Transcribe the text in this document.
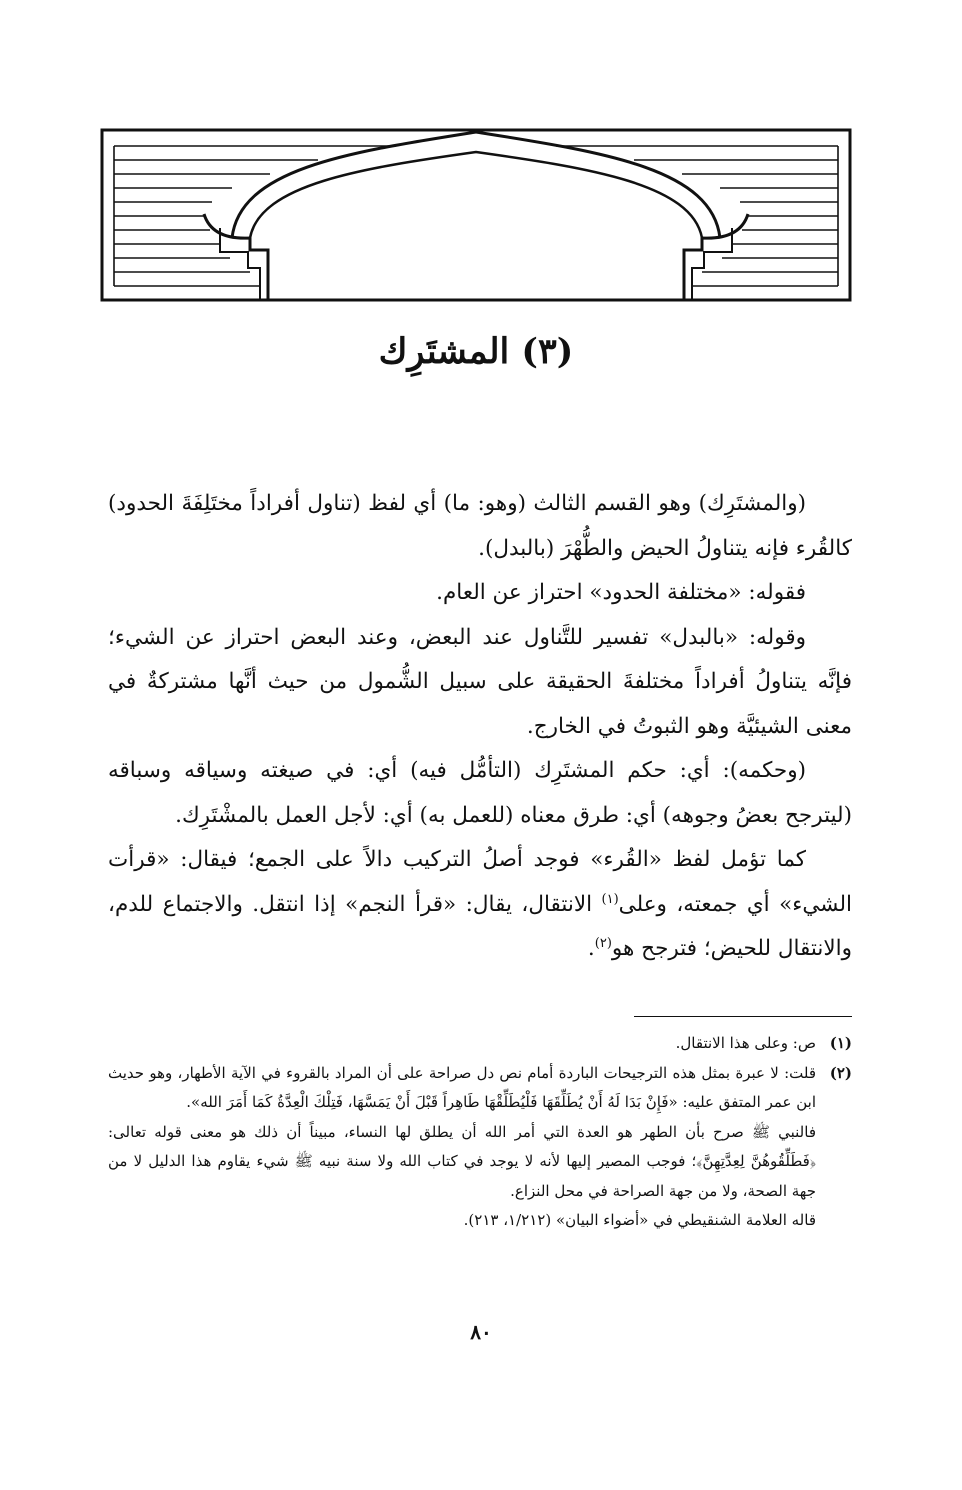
(٣) المشتَرِك

(والمشتَرِك) وهو القسم الثالث (وهو: ما) أي لفظ (تناول أفراداً مختَلِفَةَ الحدود) كالقُرء فإنه يتناولُ الحيض والطُّهْرَ (بالبدل).

فقوله: «مختلفة الحدود» احتراز عن العام.

وقوله: «بالبدل» تفسير للتَّناول عند البعض، وعند البعض احتراز عن الشيء؛ فإنَّه يتناولُ أفراداً مختلفةَ الحقيقة على سبيل الشُّمول من حيث أنَّها مشتركةٌ في معنى الشيئيَّة وهو الثبوتُ في الخارج.

(وحكمه): أي: حكم المشتَرِك (التأمُّل فيه) أي: في صيغته وسياقه وسباقه (ليترجح بعضُ وجوهه) أي: طرق معناه (للعمل به) أي: لأجل العمل بالمشْتَرِك.

كما تؤمل لفظ «القُرء» فوجد أصلُ التركيب دالاً على الجمع؛ فيقال: «قرأت الشيء» أي جمعته، وعلى$^{(١)}$ الانتقال، يقال: «قرأ النجم» إذا انتقل. والاجتماع للدم، والانتقال للحيض؛ فترجح هو$^{(٢)}$.

(١)

ص: وعلى هذا الانتقال.

(٢)

قلت: لا عبرة بمثل هذه الترجيحات الباردة أمام نص دل صراحة على أن المراد بالقروء في الآية الأطهار، وهو حديث ابن عمر المتفق عليه: «فَإِنْ بَدَا لَهُ أَنْ يُطَلِّقَهَا فَلْيُطَلِّقْهَا طَاهِراً قَبْلَ أَنْ يَمَسَّهَا، فَتِلْكَ الْعِدَّةُ كَمَا أَمَرَ الله».

فالنبي ﷺ صرح بأن الطهر هو العدة التي أمر الله أن يطلق لها النساء، مبيناً أن ذلك هو معنى قوله تعالى: ﴿فَطَلِّقُوهُنَّ لِعِدَّتِهِنَّ﴾؛ فوجب المصير إليها لأنه لا يوجد في كتاب الله ولا سنة نبيه ﷺ شيء يقاوم هذا الدليل لا من جهة الصحة، ولا من جهة الصراحة في محل النزاع.

قاله العلامة الشنقيطي في «أضواء البيان» (١/٢١٢، ٢١٣).

٨٠
